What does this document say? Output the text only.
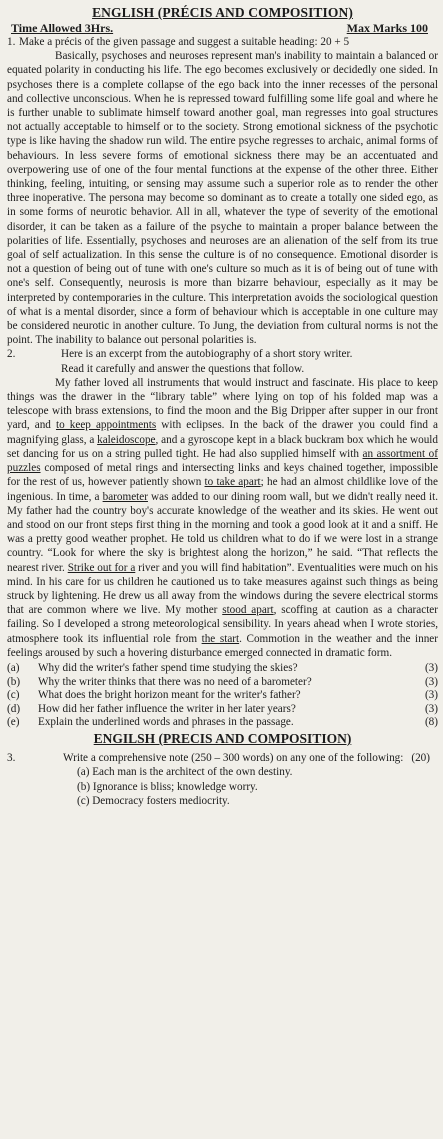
ENGLISH (PRÉCIS AND COMPOSITION)
Time Allowed 3Hrs.	Max Marks 100
1. Make a précis of the given passage and suggest a suitable heading: 20 + 5

Basically, psychoses and neuroses represent man's inability to maintain a balanced or equated polarity in conducting his life. The ego becomes exclusively or decidedly one sided. In psychoses there is a complete collapse of the ego back into the inner recesses of the personal and collective unconscious. When he is repressed toward fulfilling some life goal and where he is further unable to sublimate himself toward another goal, man regresses into goal structures not actually acceptable to himself or to the society. Strong emotional sickness of the psychotic type is like having the shadow run wild. The entire psyche regresses to archaic, animal forms of behaviours. In less severe forms of emotional sickness there may be an accentuated and overpowering use of one of the four mental functions at the expense of the other three. Either thinking, feeling, intuiting, or sensing may assume such a superior role as to render the other three inoperative. The persona may become so dominant as to create a totally one sided ego, as in some forms of neurotic behavior. All in all, whatever the type of severity of the emotional disorder, it can be taken as a failure of the psyche to maintain a proper balance between the polarities of life. Essentially, psychoses and neuroses are an alienation of the self from its true goal of self actualization. In this sense the culture is of no consequence. Emotional disorder is not a question of being out of tune with one's culture so much as it is of being out of tune with one's self. Consequently, neurosis is more than bizarre behaviour, especially as it may be interpreted by contemporaries in the culture. This interpretation avoids the sociological question of what is a mental disorder, since a form of behaviour which is acceptable in one culture may be considered neurotic in another culture. To Jung, the deviation from cultural norms is not the point. The inability to balance out personal polarities is.

2.	Here is an excerpt from the autobiography of a short story writer.
Read it carefully and answer the questions that follow.

My father loved all instruments that would instruct and fascinate. His place to keep things was the drawer in the “library table” where lying on top of his folded map was a telescope with brass extensions, to find the moon and the Big Dripper after supper in our front yard, and to keep appointments with eclipses. In the back of the drawer you could find a magnifying glass, a kaleidoscope, and a gyroscope kept in a black buckram box which he would set dancing for us on a string pulled tight. He had also supplied himself with an assortment of puzzles composed of metal rings and intersecting links and keys chained together, impossible for the rest of us, however patiently shown to take apart; he had an almost childlike love of the ingenious. In time, a barometer was added to our dining room wall, but we didn't really need it. My father had the country boy's accurate knowledge of the weather and its skies. He went out and stood on our front steps first thing in the morning and took a good look at it and a sniff. He was a pretty good weather prophet. He told us children what to do if we were lost in a strange country. “Look for where the sky is brightest along the horizon,” he said. “That reflects the nearest river. Strike out for a river and you will find habitation”. Eventualities were much on his mind. In his care for us children he cautioned us to take measures against such things as being struck by lightening. He drew us all away from the windows during the severe electrical storms that are common where we live. My mother stood apart, scoffing at caution as a character failing. So I developed a strong meteorological sensibility. In years ahead when I wrote stories, atmosphere took its influential role from the start. Commotion in the weather and the inner feelings aroused by such a hovering disturbance emerged connected in dramatic form.

(a)	Why did the writer's father spend time studying the skies?	(3)
(b)	Why the writer thinks that there was no need of a barometer?	(3)
(c)	What does the bright horizon meant for the writer's father?	(3)
(d)	How did her father influence the writer in her later years?	(3)
(e)	Explain the underlined words and phrases in the passage.	(8)
ENGILSH (PRECIS AND COMPOSITION)
3.	Write a comprehensive note (250 – 300 words) on any one of the following: (20)
(a) Each man is the architect of the own destiny.
(b) Ignorance is bliss; knowledge worry.
(c) Democracy fosters mediocrity.
